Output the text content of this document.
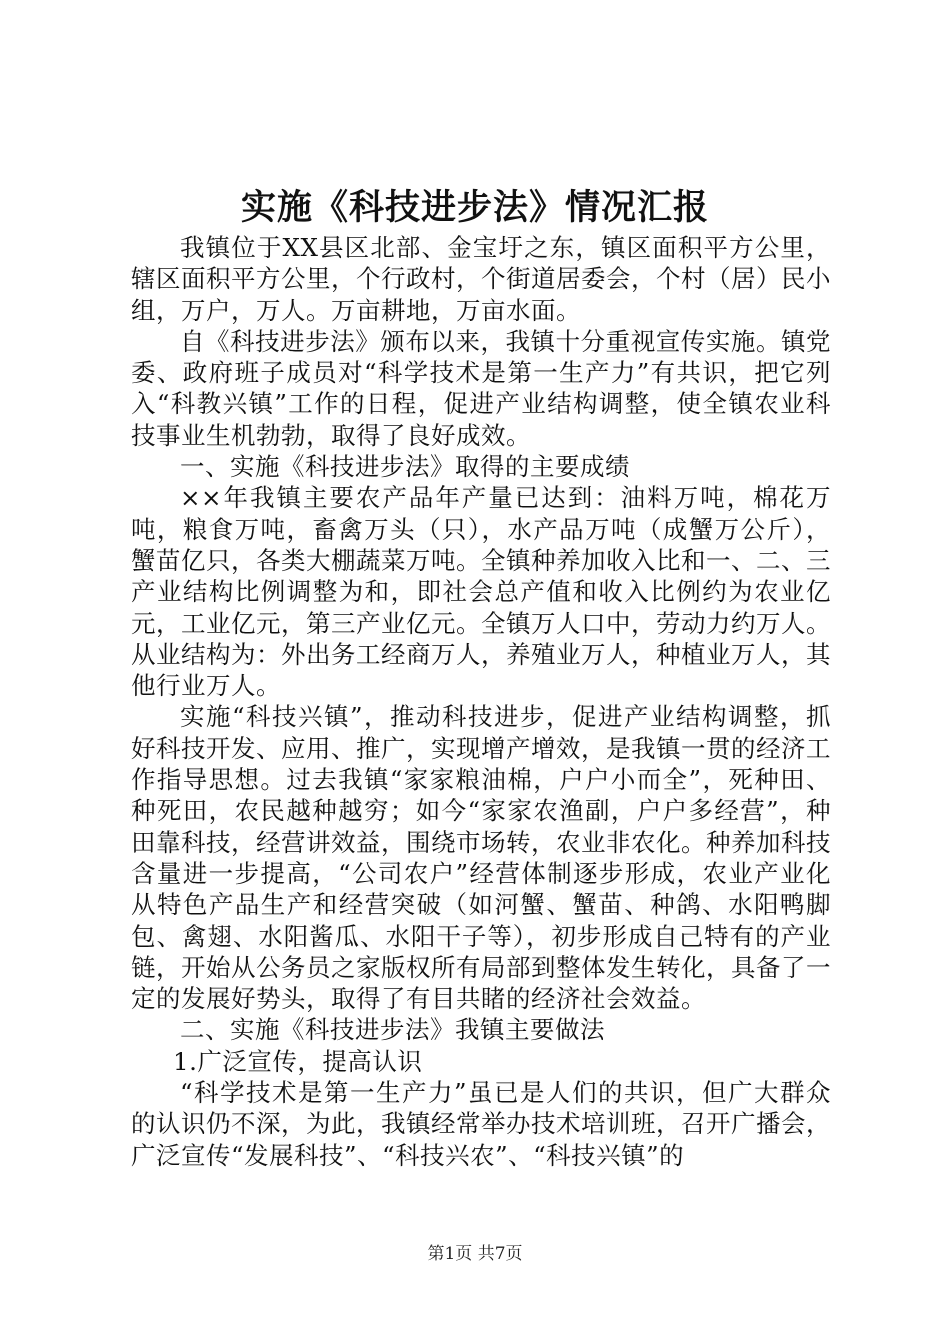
实施《科技进步法》情况汇报

我镇位于XX县区北部、金宝圩之东，镇区面积平方公里，辖区面积平方公里，个行政村，个街道居委会，个村（居）民小组，万户，万人。万亩耕地，万亩水面。

自《科技进步法》颁布以来，我镇十分重视宣传实施。镇党委、政府班子成员对“科学技术是第一生产力”有共识，把它列入“科教兴镇”工作的日程，促进产业结构调整，使全镇农业科技事业生机勃勃，取得了良好成效。

一、实施《科技进步法》取得的主要成绩

××年我镇主要农产品年产量已达到：油料万吨，棉花万吨，粮食万吨，畜禽万头（只），水产品万吨（成蟹万公斤），蟹苗亿只，各类大棚蔬菜万吨。全镇种养加收入比和一、二、三产业结构比例调整为和，即社会总产值和收入比例约为农业亿元，工业亿元，第三产业亿元。全镇万人口中，劳动力约万人。从业结构为：外出务工经商万人，养殖业万人，种植业万人，其他行业万人。

实施“科技兴镇”，推动科技进步，促进产业结构调整，抓好科技开发、应用、推广，实现增产增效，是我镇一贯的经济工作指导思想。过去我镇“家家粮油棉，户户小而全”，死种田、种死田，农民越种越穷；如今“家家农渔副，户户多经营”，种田靠科技，经营讲效益，围绕市场转，农业非农化。种养加科技含量进一步提高，“公司农户”经营体制逐步形成，农业产业化从特色产品生产和经营突破（如河蟹、蟹苗、种鸽、水阳鸭脚包、禽翅、水阳酱瓜、水阳干子等），初步形成自己特有的产业链，开始从公务员之家版权所有局部到整体发生转化，具备了一定的发展好势头，取得了有目共睹的经济社会效益。

二、实施《科技进步法》我镇主要做法

1.广泛宣传，提高认识

“科学技术是第一生产力”虽已是人们的共识，但广大群众的认识仍不深，为此，我镇经常举办技术培训班，召开广播会，广泛宣传“发展科技”、“科技兴农”、“科技兴镇”的

第1页 共7页
